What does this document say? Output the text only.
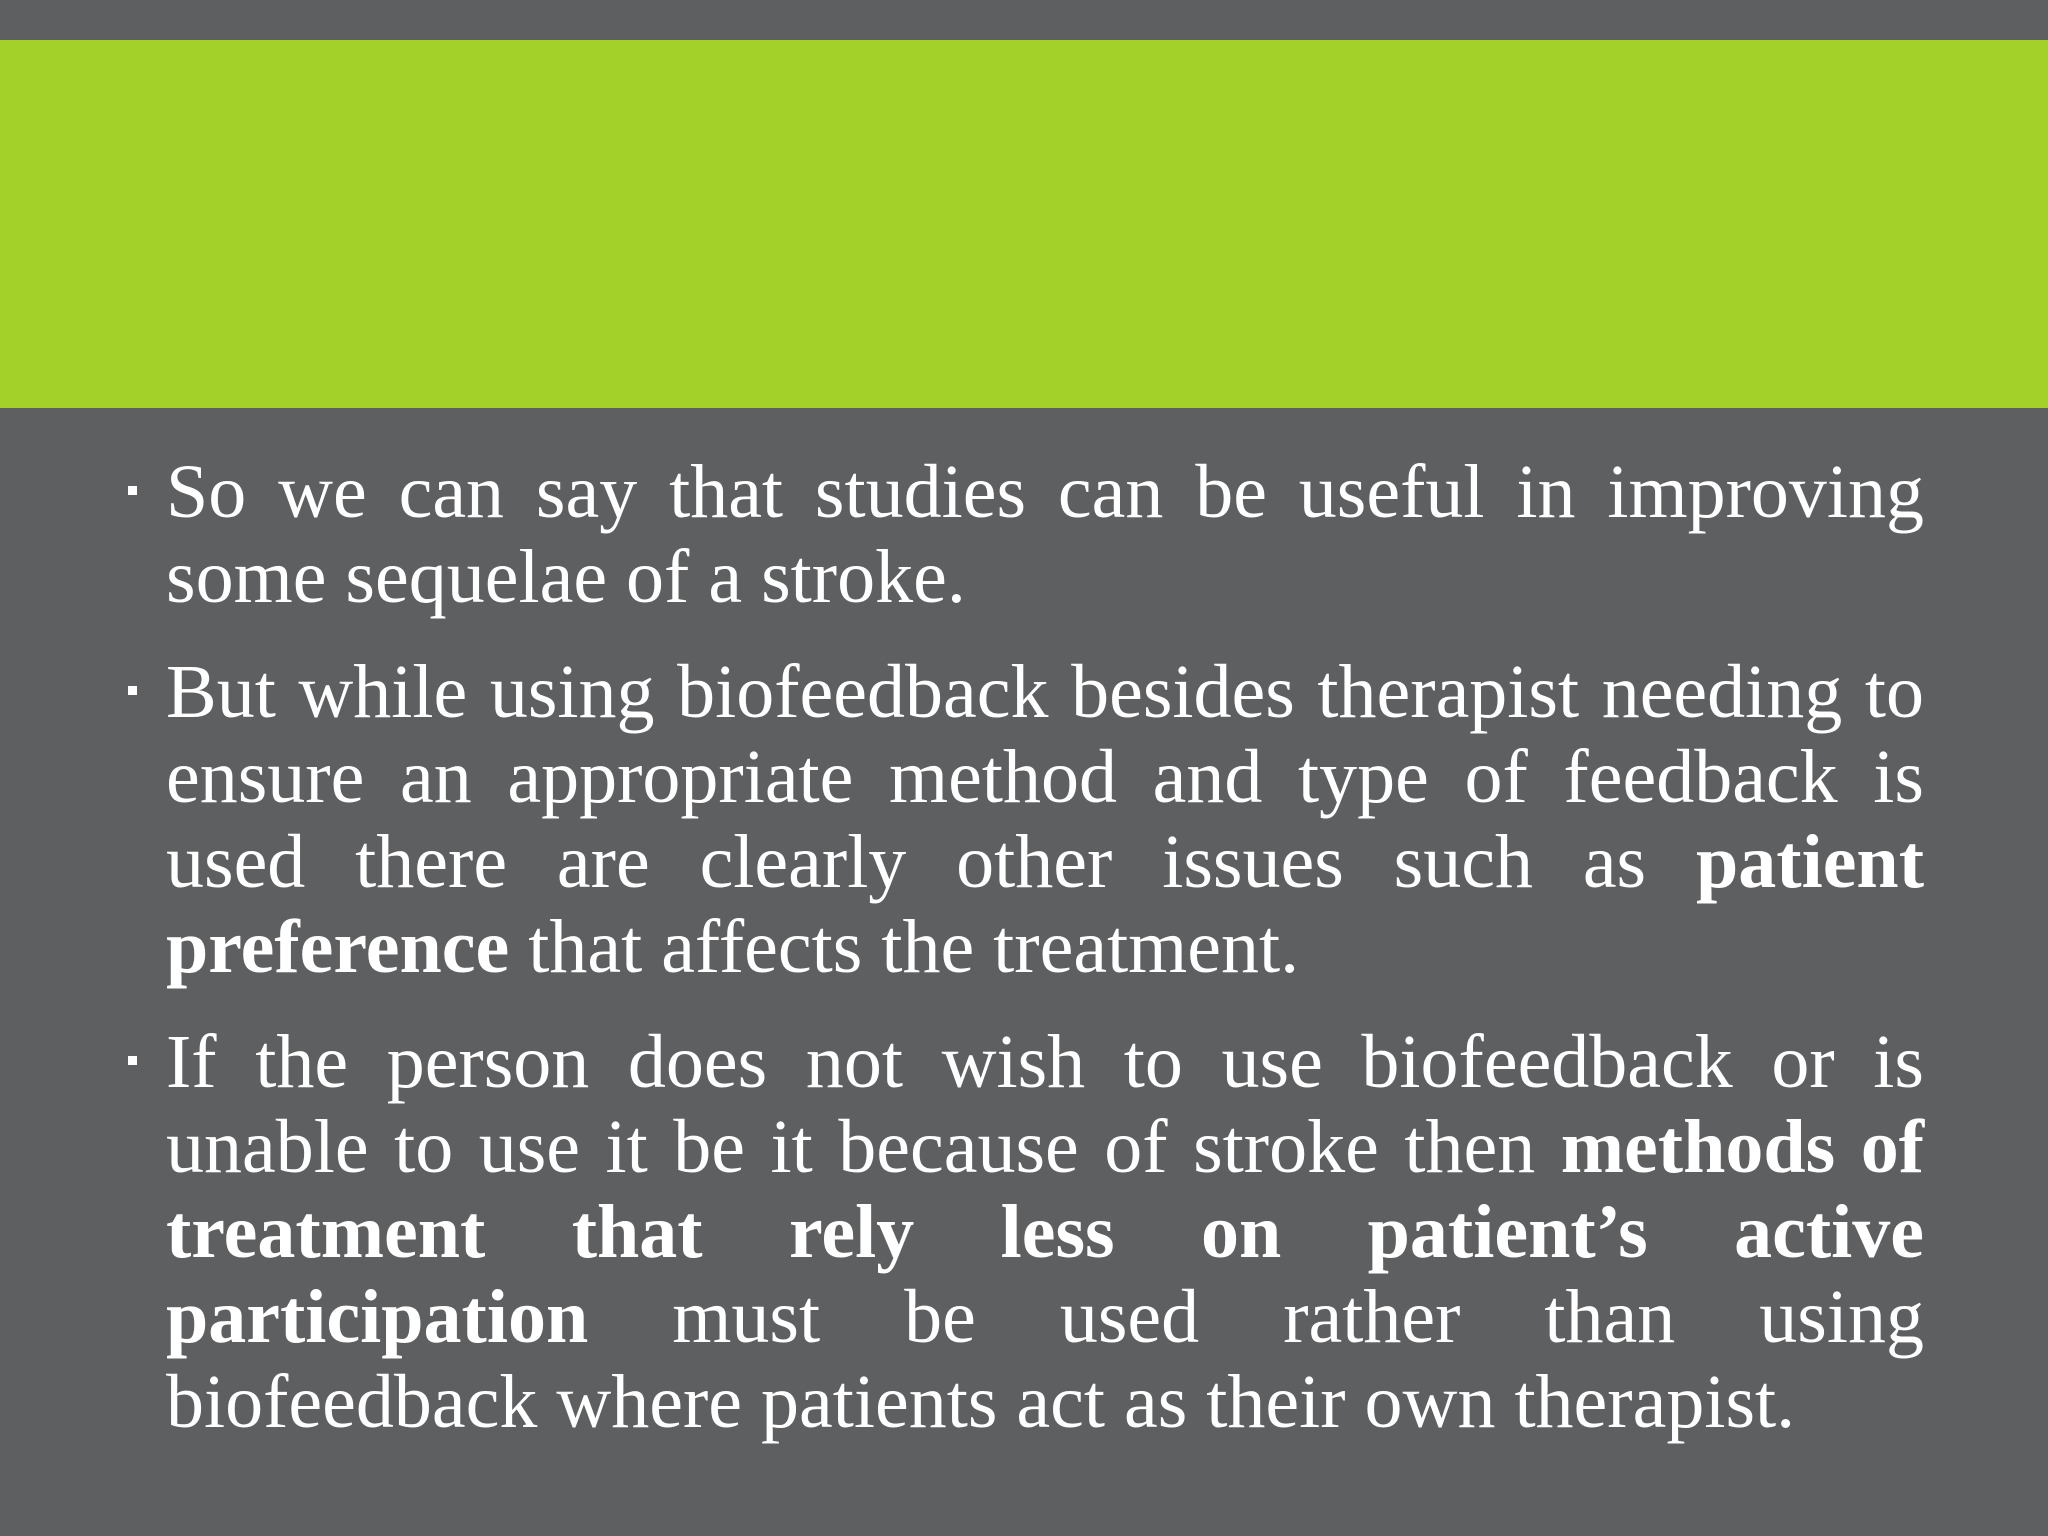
So we can say that studies can be useful in improving some sequelae of a stroke.

But while using biofeedback besides therapist needing to ensure an appropriate method and type of feedback is used there are clearly other issues such as patient preference that affects the treatment.

If the person does not wish to use biofeedback or is unable to use it be it because of stroke then methods of treatment that rely less on patient’s active participation must be used rather than using biofeedback where patients act as their own therapist.
